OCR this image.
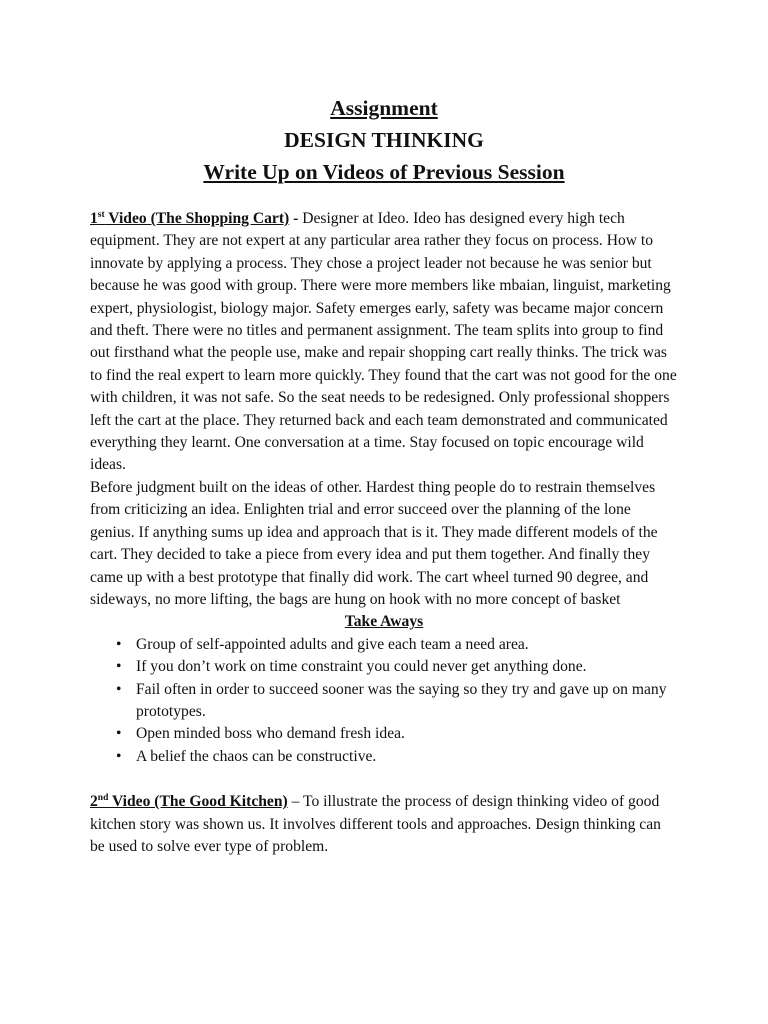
Assignment
DESIGN THINKING
Write Up on Videos of Previous Session

1st Video (The Shopping Cart) - Designer at Ideo. Ideo has designed every high tech equipment. They are not expert at any particular area rather they focus on process. How to innovate by applying a process. They chose a project leader not because he was senior but because he was good with group. There were more members like mbaian, linguist, marketing expert, physiologist, biology major. Safety emerges early, safety was became major concern and theft. There were no titles and permanent assignment. The team splits into group to find out firsthand what the people use, make and repair shopping cart really thinks. The trick was to find the real expert to learn more quickly. They found that the cart was not good for the one with children, it was not safe. So the seat needs to be redesigned. Only professional shoppers left the cart at the place. They returned back and each team demonstrated and communicated everything they learnt. One conversation at a time. Stay focused on topic encourage wild ideas.

Before judgment built on the ideas of other. Hardest thing people do to restrain themselves from criticizing an idea. Enlighten trial and error succeed over the planning of the lone genius. If anything sums up idea and approach that is it. They made different models of the cart. They decided to take a piece from every idea and put them together. And finally they came up with a best prototype that finally did work. The cart wheel turned 90 degree, and sideways, no more lifting, the bags are hung on hook with no more concept of basket

Take Aways

• Group of self-appointed adults and give each team a need area.
• If you don’t work on time constraint you could never get anything done.
• Fail often in order to succeed sooner was the saying so they try and gave up on many prototypes.
• Open minded boss who demand fresh idea.
• A belief the chaos can be constructive.

2nd Video (The Good Kitchen) – To illustrate the process of design thinking video of good kitchen story was shown us. It involves different tools and approaches. Design thinking can be used to solve ever type of problem.
